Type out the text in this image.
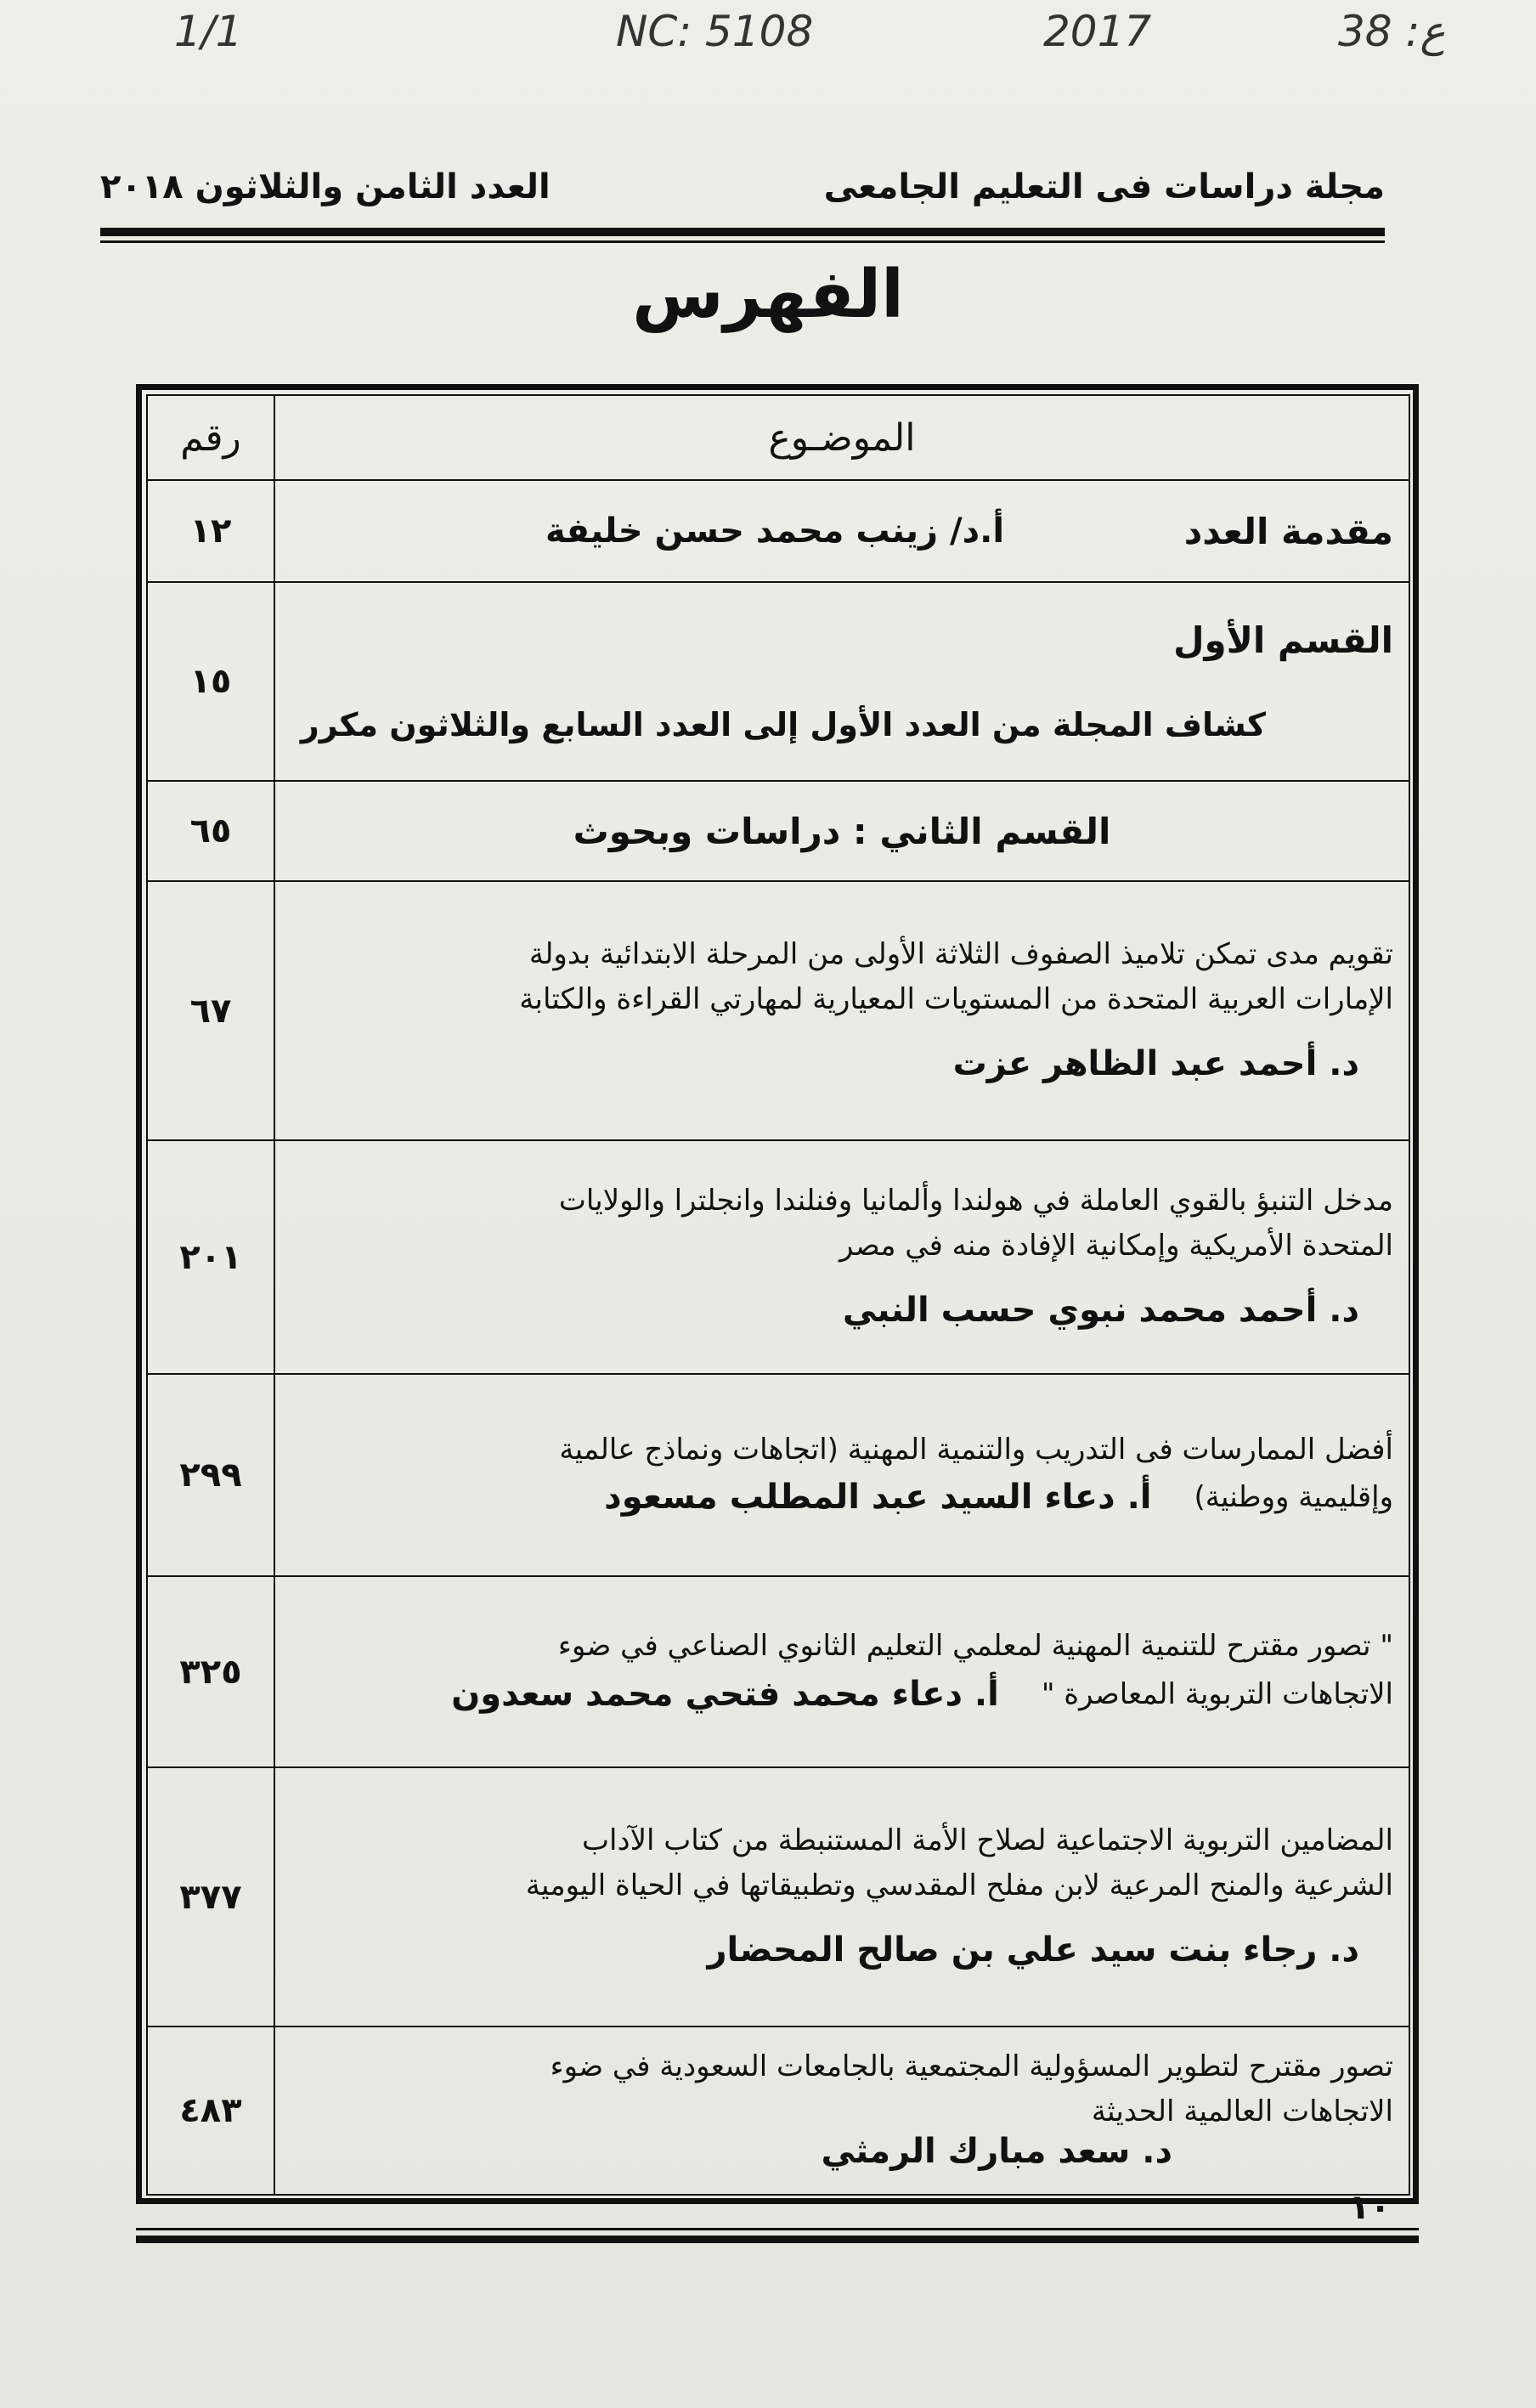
1/1	NC: 5108	2017	38 :ع
مجلة دراسات فى التعليم الجامعى
العدد الثامن والثلاثون ٢٠١٨
الفهرس
الموضـوع	رقم

مقدمة العدد
أ.د/ زينب محمد حسن خليفة	١٢

القسم الأول
كشاف المجلة من العدد الأول إلى العدد السابع والثلاثون مكرر	١٥
القسم الثاني : دراسات وبحوث	٦٥

تقويم مدى تمكن تلاميذ الصفوف الثلاثة الأولى من المرحلة الابتدائية بدولة
الإمارات العربية المتحدة من المستويات المعيارية لمهارتي القراءة والكتابة
د. أحمد عبد الظاهر عزت	٦٧

مدخل التنبؤ بالقوي العاملة في هولندا وألمانيا وفنلندا وانجلترا والولايات
المتحدة الأمريكية وإمكانية الإفادة منه في مصر
د. أحمد محمد نبوي حسب النبي	٢٠١

أفضل الممارسات فى التدريب والتنمية المهنية (اتجاهات ونماذج عالمية
وإقليمية ووطنية)
أ. دعاء السيد عبد المطلب مسعود	٢٩٩

" تصور مقترح للتنمية المهنية لمعلمي التعليم الثانوي الصناعي في ضوء
الاتجاهات التربوية المعاصرة "
أ. دعاء محمد فتحي محمد سعدون	٣٢٥

المضامين التربوية الاجتماعية لصلاح الأمة المستنبطة من كتاب الآداب
الشرعية والمنح المرعية لابن مفلح المقدسي وتطبيقاتها في الحياة اليومية
د. رجاء بنت سيد علي بن صالح المحضار	٣٧٧

تصور مقترح لتطوير المسؤولية المجتمعية بالجامعات السعودية في ضوء
الاتجاهات العالمية الحديثة
د. سعد مبارك الرمثي	٤٨٣
١٠
